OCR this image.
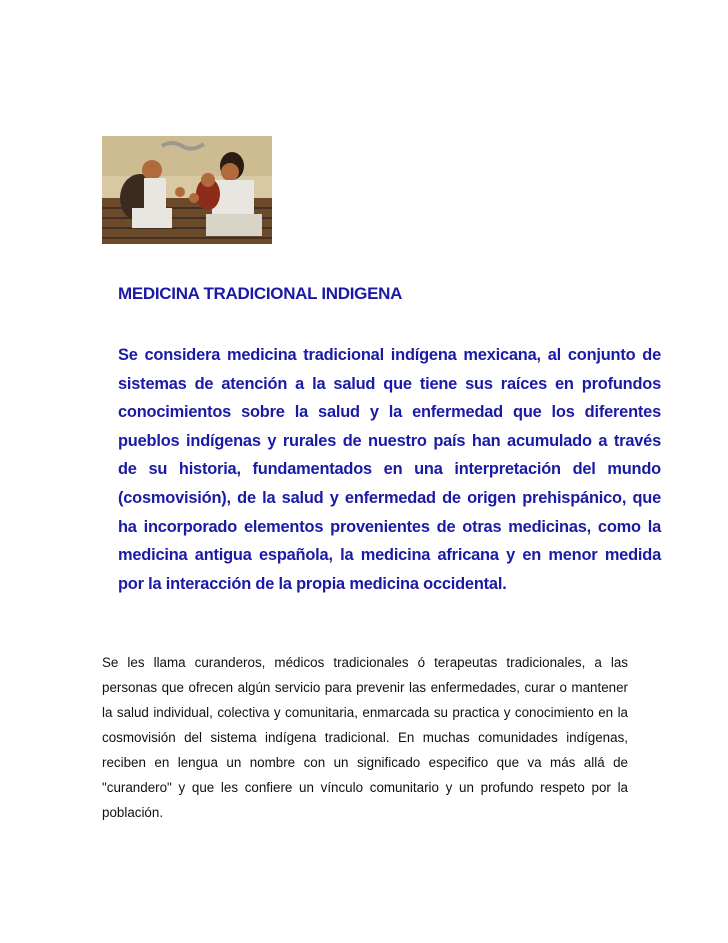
MEDICINA TRADICIONAL INDIGENA

Se considera medicina tradicional indígena mexicana, al conjunto de sistemas de atención a la salud que tiene sus raíces en profundos conocimientos sobre la salud y la enfermedad que los diferentes pueblos indígenas y rurales de nuestro país han acumulado a través de su historia, fundamentados en una interpretación del mundo (cosmovisión), de la salud y enfermedad de origen prehispánico, que ha incorporado elementos provenientes de otras medicinas, como la medicina antigua española, la medicina africana y en menor medida por la interacción de la propia medicina occidental.

Se les llama curanderos, médicos tradicionales ó terapeutas tradicionales, a las personas que ofrecen algún servicio para prevenir las enfermedades, curar o mantener la salud individual, colectiva y comunitaria, enmarcada su practica y conocimiento en la cosmovisión del sistema indígena tradicional. En muchas comunidades indígenas, reciben en lengua un nombre con un significado especifico que va más allá de "curandero" y que les confiere un vínculo comunitario y un profundo respeto por la población.
